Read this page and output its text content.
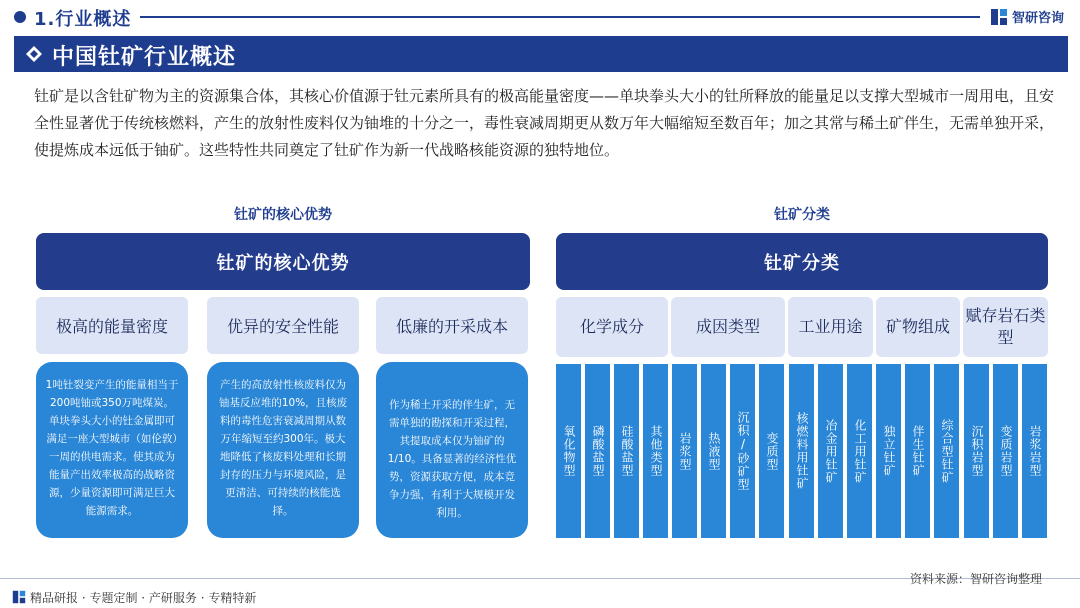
1.行业概述	智研咨询
中国钍矿行业概述

钍矿是以含钍矿物为主的资源集合体，其核心价值源于钍元素所具有的极高能量密度——单块拳头大小的钍所释放的能量足以支撑大型城市一周用电，且安全性显著优于传统核燃料，产生的放射性废料仅为铀堆的十分之一，毒性衰减周期更从数万年大幅缩短至数百年；加之其常与稀土矿伴生，无需单独开采，使提炼成本远低于铀矿。这些特性共同奠定了钍矿作为新一代战略核能资源的独特地位。

钍矿的核心优势	钍矿分类
钍矿的核心优势	钍矿分类
极高的能量密度	优异的安全性能	低廉的开采成本
1吨钍裂变产生的能量相当于200吨铀或350万吨煤炭。单块拳头大小的钍金属即可满足一座大型城市（如伦敦）一周的供电需求。使其成为能量产出效率极高的战略资源，少量资源即可满足巨大能源需求。
产生的高放射性核废料仅为铀基反应堆的10%，且核废料的毒性危害衰减周期从数万年缩短至约300年。极大地降低了核废料处理和长期封存的压力与环境风险，是更清洁、可持续的核能选择。
作为稀土开采的伴生矿，无需单独的勘探和开采过程，其提取成本仅为铀矿的1/10。具备显著的经济性优势，资源获取方便，成本竞争力强，有利于大规模开发利用。
化学成分	成因类型	工业用途	矿物组成
赋存岩石类型
氧化物型	磷酸盐型	硅酸盐型	其他类型	岩浆型	热液型	沉积/砂矿型	变质型	核燃料用钍矿	冶金用钍矿	化工用钍矿	独立钍矿	伴生钍矿	综合型钍矿	沉积岩型	变质岩型	岩浆岩型
资料来源：智研咨询整理
精品研报 · 专题定制 · 产研服务 · 专精特新
